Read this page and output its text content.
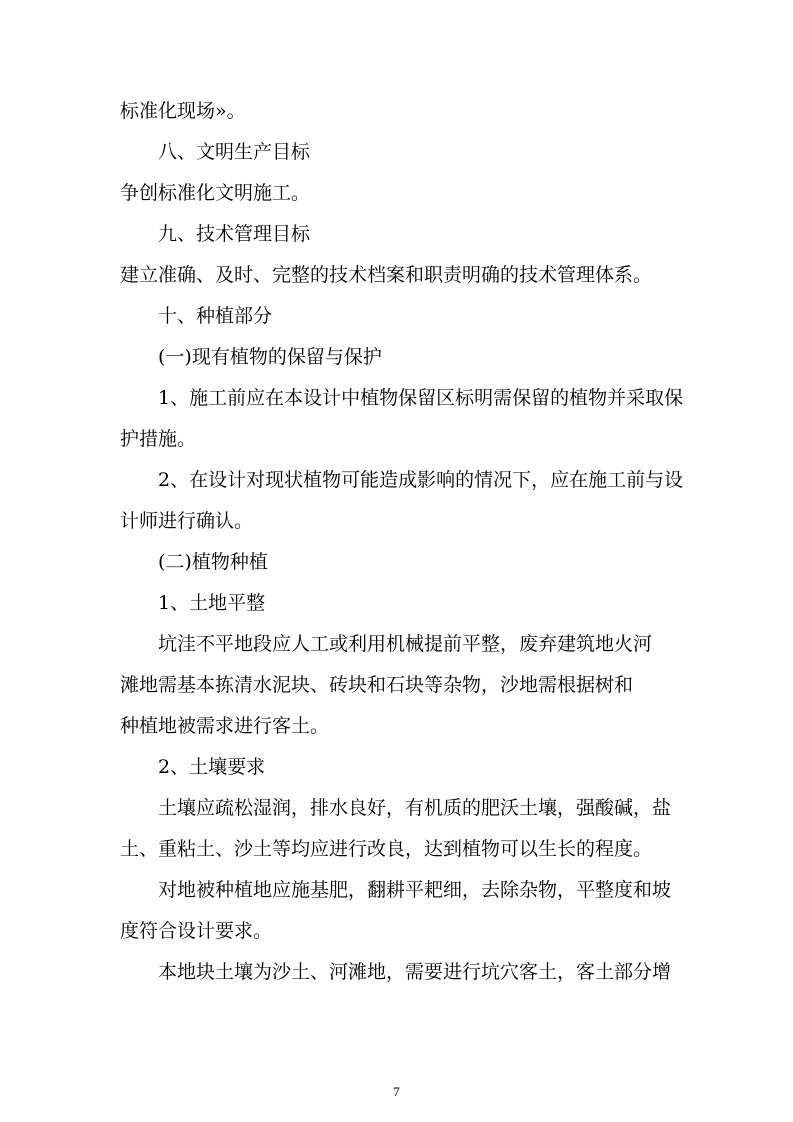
标准化现场»。
八、文明生产目标
争创标准化文明施工。
九、技术管理目标
建立准确、及时、完整的技术档案和职责明确的技术管理体系。
十、种植部分
(一)现有植物的保留与保护
1、施工前应在本设计中植物保留区标明需保留的植物并采取保
护措施。
2、在设计对现状植物可能造成影响的情况下，应在施工前与设
计师进行确认。
(二)植物种植
1、土地平整
坑洼不平地段应人工或利用机械提前平整，废弃建筑地火河
滩地需基本拣清水泥块、砖块和石块等杂物，沙地需根据树和
种植地被需求进行客土。
2、土壤要求
土壤应疏松湿润，排水良好，有机质的肥沃土壤，强酸碱，盐
土、重粘土、沙土等均应进行改良，达到植物可以生长的程度。
对地被种植地应施基肥，翻耕平耙细，去除杂物，平整度和坡
度符合设计要求。
本地块土壤为沙土、河滩地，需要进行坑穴客土，客土部分增
7
